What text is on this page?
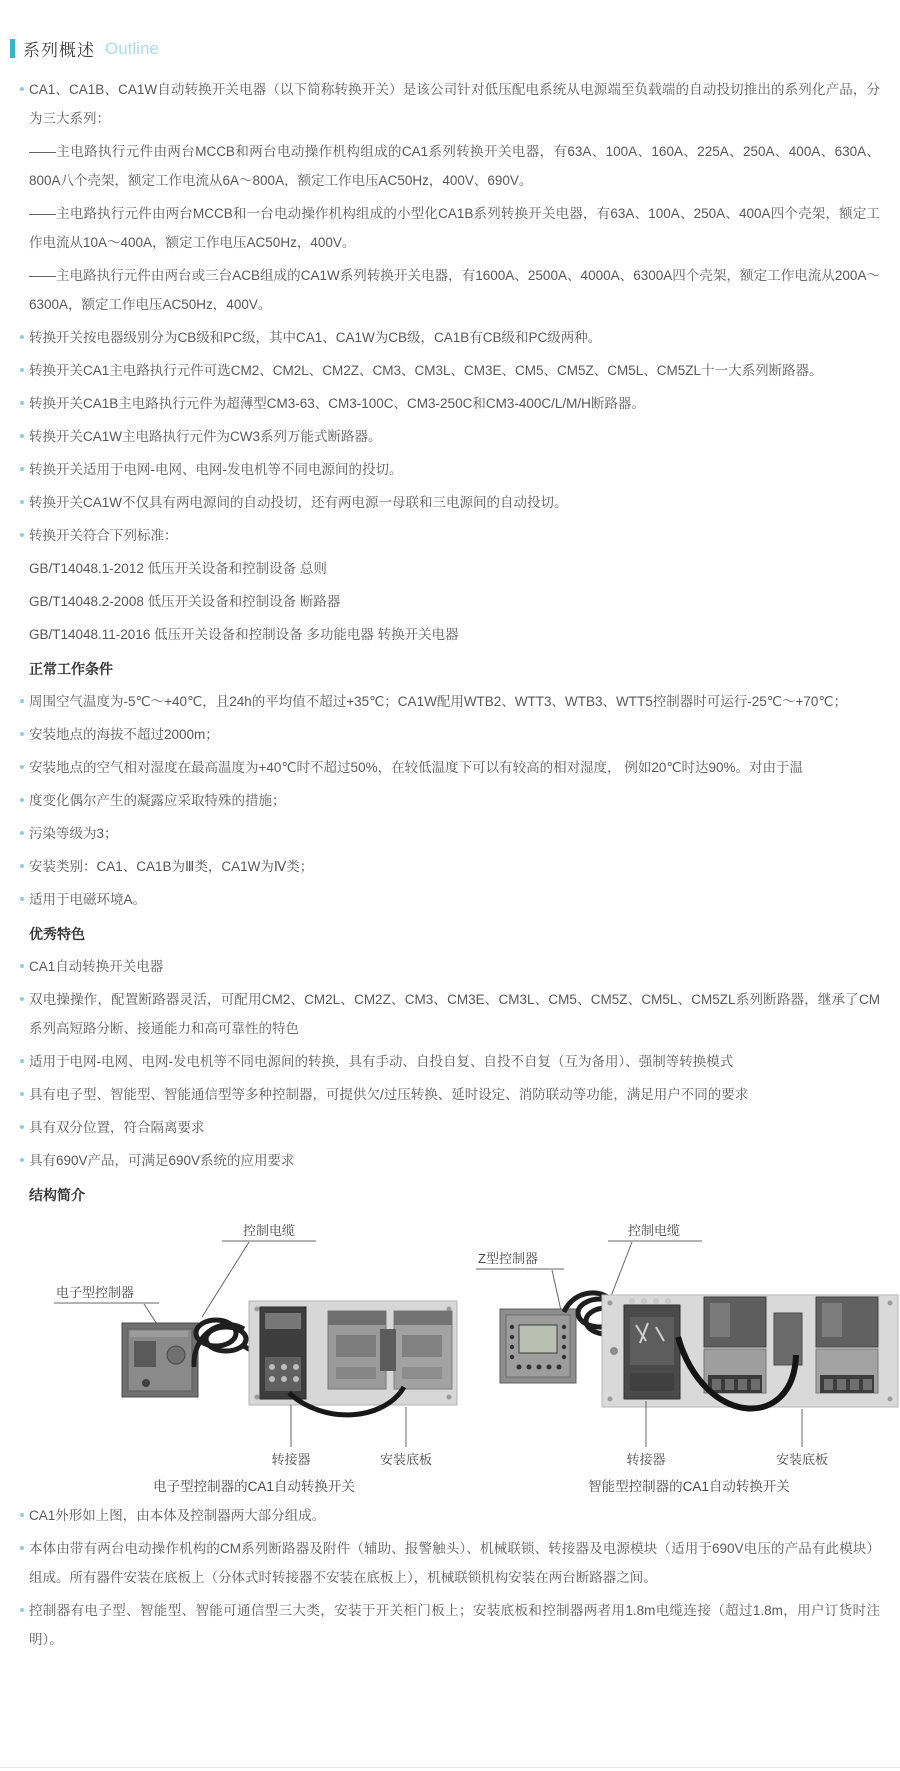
系列概述 Outline

CA1、CA1B、CA1W自动转换开关电器（以下简称转换开关）是该公司针对低压配电系统从电源端至负载端的自动投切推出的系列化产品，分为三大系列：

——主电路执行元件由两台MCCB和两台电动操作机构组成的CA1系列转换开关电器，有63A、100A、160A、225A、250A、400A、630A、800A八个壳架，额定工作电流从6A～800A，额定工作电压AC50Hz，400V、690V。

——主电路执行元件由两台MCCB和一台电动操作机构组成的小型化CA1B系列转换开关电器，有63A、100A、250A、400A四个壳架，额定工作电流从10A～400A，额定工作电压AC50Hz，400V。

——主电路执行元件由两台或三台ACB组成的CA1W系列转换开关电器，有1600A、2500A、4000A、6300A四个壳架，额定工作电流从200A～6300A，额定工作电压AC50Hz，400V。

转换开关按电器级别分为CB级和PC级，其中CA1、CA1W为CB级，CA1B有CB级和PC级两种。

转换开关CA1主电路执行元件可选CM2、CM2L、CM2Z、CM3、CM3L、CM3E、CM5、CM5Z、CM5L、CM5ZL十一大系列断路器。

转换开关CA1B主电路执行元件为超薄型CM3-63、CM3-100C、CM3-250C和CM3-400C/L/M/H断路器。

转换开关CA1W主电路执行元件为CW3系列万能式断路器。

转换开关适用于电网-电网、电网-发电机等不同电源间的投切。

转换开关CA1W不仅具有两电源间的自动投切，还有两电源一母联和三电源间的自动投切。

转换开关符合下列标准：

GB/T14048.1-2012 低压开关设备和控制设备 总则

GB/T14048.2-2008 低压开关设备和控制设备 断路器

GB/T14048.11-2016 低压开关设备和控制设备 多功能电器 转换开关电器

正常工作条件

周围空气温度为-5℃～+40℃，且24h的平均值不超过+35℃；CA1W配用WTB2、WTT3、WTB3、WTT5控制器时可运行-25℃～+70℃；

安装地点的海拔不超过2000m；

安装地点的空气相对湿度在最高温度为+40℃时不超过50%，在较低温度下可以有较高的相对湿度， 例如20℃时达90%。对由于温

度变化偶尔产生的凝露应采取特殊的措施；

污染等级为3；

安装类别：CA1、CA1B为Ⅲ类，CA1W为Ⅳ类；

适用于电磁环境A。

优秀特色

CA1自动转换开关电器

双电操操作，配置断路器灵活，可配用CM2、CM2L、CM2Z、CM3、CM3E、CM3L、CM5、CM5Z、CM5L、CM5ZL系列断路器，继承了CM系列高短路分断、接通能力和高可靠性的特色

适用于电网-电网、电网-发电机等不同电源间的转换，具有手动、自投自复、自投不自复（互为备用）、强制等转换模式

具有电子型、智能型、智能通信型等多种控制器，可提供欠/过压转换、延时设定、消防联动等功能，满足用户不同的要求

具有双分位置，符合隔离要求

具有690V产品，可满足690V系统的应用要求

结构简介
控制电缆
电子型控制器
转接器	安装底板
电子型控制器的CA1自动转换开关
Z型控制器
控制电缆
转接器	安装底板
智能型控制器的CA1自动转换开关

CA1外形如上图，由本体及控制器两大部分组成。

本体由带有两台电动操作机构的CM系列断路器及附件（辅助、报警触头）、机械联锁、转接器及电源模块（适用于690V电压的产品有此模块）组成。所有器件安装在底板上（分体式时转接器不安装在底板上），机械联锁机构安装在两台断路器之间。

控制器有电子型、智能型、智能可通信型三大类，安装于开关柜门板上；安装底板和控制器两者用1.8m电缆连接（超过1.8m，用户订货时注明）。
